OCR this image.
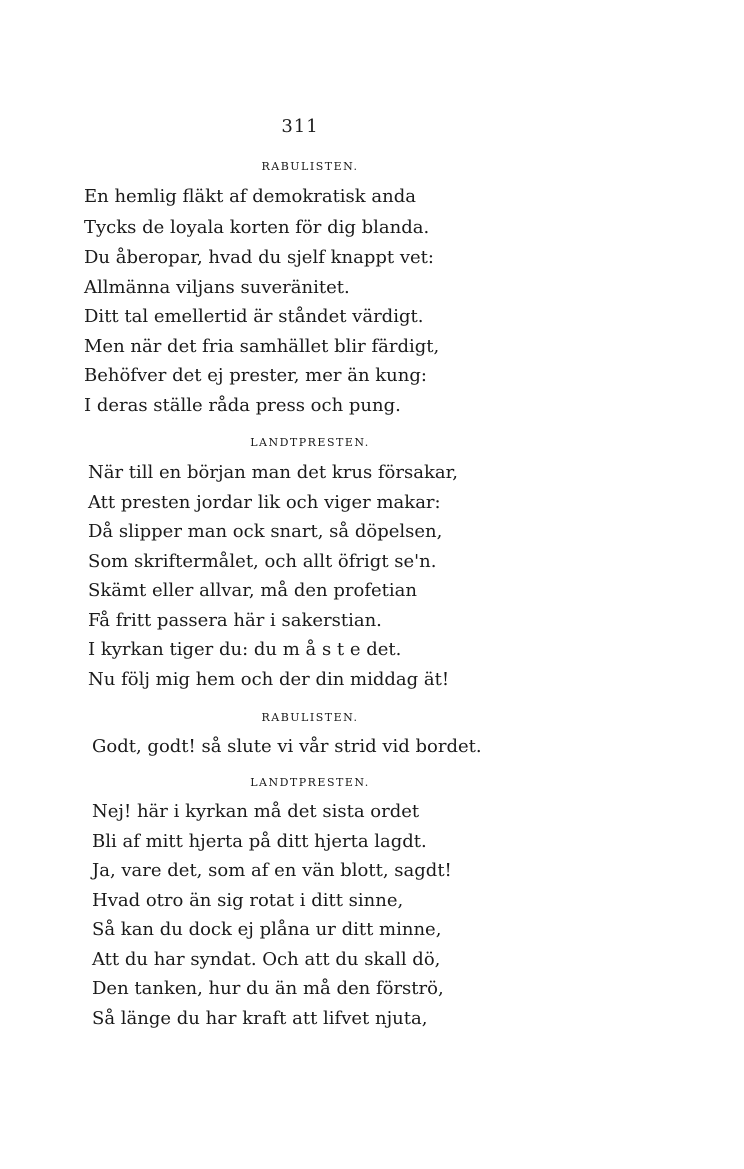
311
RABULISTEN.
En hemlig fläkt af demokratisk anda
Tycks de loyala korten för dig blanda.
Du åberopar, hvad du sjelf knappt vet:
Allmänna viljans suveränitet.
Ditt tal emellertid är ståndet värdigt.
Men när det fria samhället blir färdigt,
Behöfver det ej prester, mer än kung:
I deras ställe råda press och pung.
LANDTPRESTEN.
När till en början man det krus försakar,
Att presten jordar lik och viger makar:
Då slipper man ock snart, så döpelsen,
Som skriftermålet, och allt öfrigt se'n.
Skämt eller allvar, må den profetian
Få fritt passera här i sakerstian.
I kyrkan tiger du: du m å s t e det.
Nu följ mig hem och der din middag ät!
RABULISTEN.
Godt, godt! så slute vi vår strid vid bordet.
LANDTPRESTEN.
Nej! här i kyrkan må det sista ordet
Bli af mitt hjerta på ditt hjerta lagdt.
Ja, vare det, som af en vän blott, sagdt!
Hvad otro än sig rotat i ditt sinne,
Så kan du dock ej plåna ur ditt minne,
Att du har syndat. Och att du skall dö,
Den tanken, hur du än må den förströ,
Så länge du har kraft att lifvet njuta,
